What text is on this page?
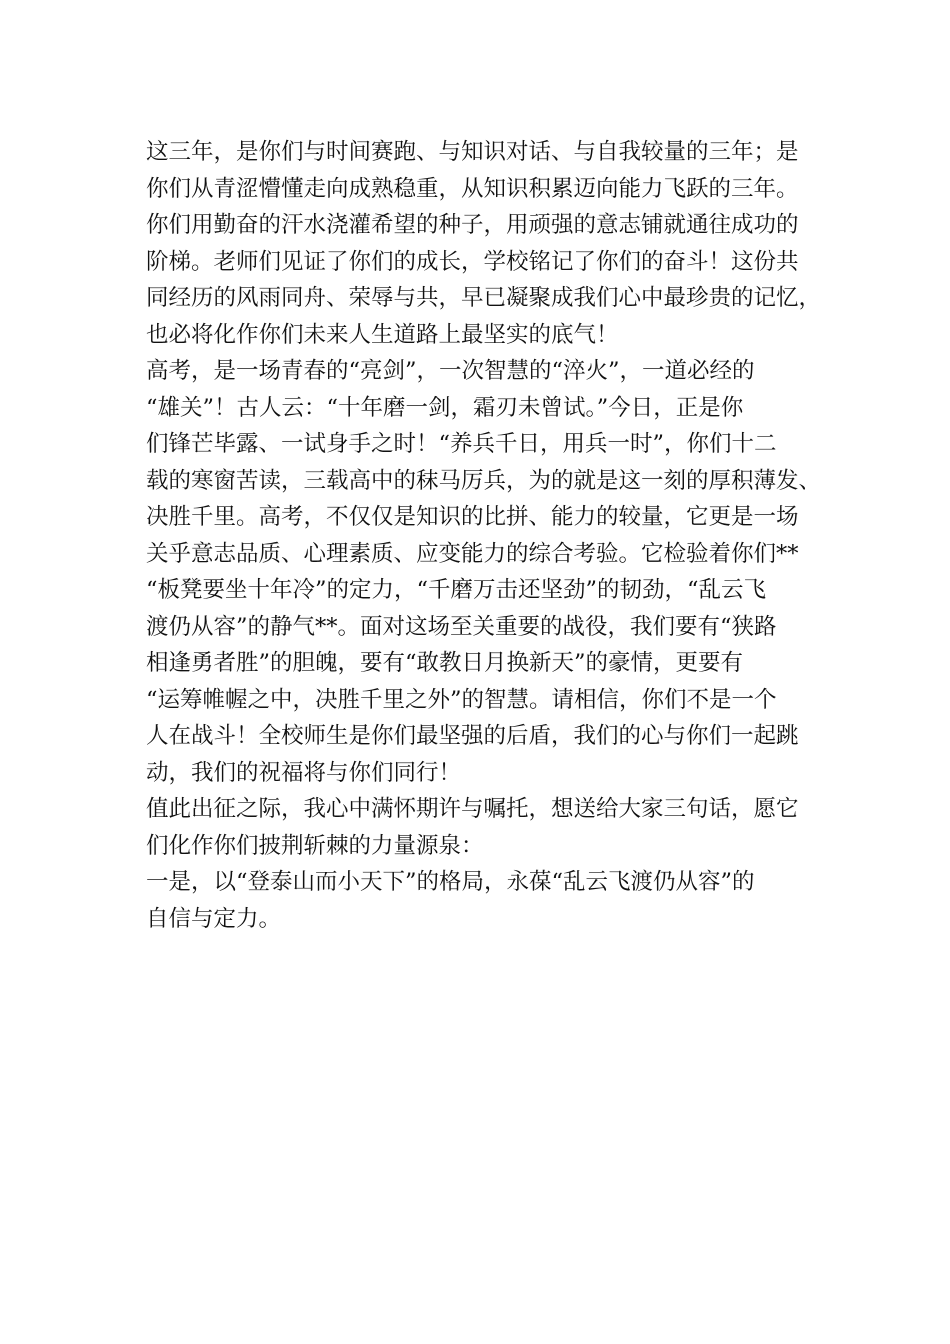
这三年，是你们与时间赛跑、与知识对话、与自我较量的三年；是
你们从青涩懵懂走向成熟稳重，从知识积累迈向能力飞跃的三年。
你们用勤奋的汗水浇灌希望的种子，用顽强的意志铺就通往成功的
阶梯。老师们见证了你们的成长，学校铭记了你们的奋斗！这份共
同经历的风雨同舟、荣辱与共，早已凝聚成我们心中最珍贵的记忆，
也必将化作你们未来人生道路上最坚实的底气！
高考，是一场青春的“亮剑”，一次智慧的“淬火”，一道必经的
“雄关”！古人云：“十年磨一剑，霜刃未曾试。”今日，正是你
们锋芒毕露、一试身手之时！“养兵千日，用兵一时”，你们十二
载的寒窗苦读，三载高中的秣马厉兵，为的就是这一刻的厚积薄发、
决胜千里。高考，不仅仅是知识的比拼、能力的较量，它更是一场
关乎意志品质、心理素质、应变能力的综合考验。它检验着你们**
“板凳要坐十年冷”的定力，“千磨万击还坚劲”的韧劲，“乱云飞
渡仍从容”的静气**。面对这场至关重要的战役，我们要有“狭路
相逢勇者胜”的胆魄，要有“敢教日月换新天”的豪情，更要有
“运筹帷幄之中，决胜千里之外”的智慧。请相信，你们不是一个
人在战斗！全校师生是你们最坚强的后盾，我们的心与你们一起跳
动，我们的祝福将与你们同行！
值此出征之际，我心中满怀期许与嘱托，想送给大家三句话，愿它
们化作你们披荆斩棘的力量源泉：
一是，以“登泰山而小天下”的格局，永葆“乱云飞渡仍从容”的
自信与定力。
